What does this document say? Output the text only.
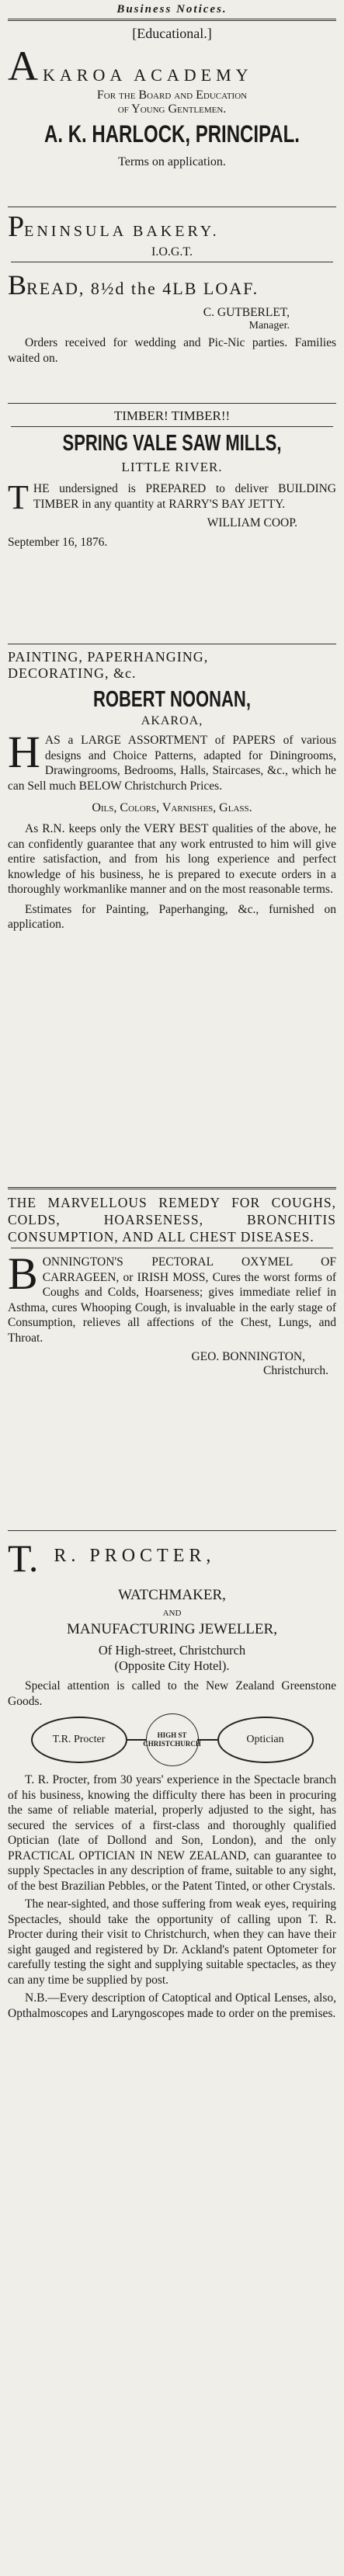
Business Notices.
[Educational.]
AKAROA ACADEMY
For the Board and Education
of Young Gentlemen.
A. K. HARLOCK, PRINCIPAL.
Terms on application.
PENINSULA BAKERY.
I.O.G.T.
BREAD, 8½d the 4LB LOAF.
C. GUTBERLET,
Manager.
Orders received for wedding and Pic-Nic parties. Families waited on.
TIMBER! TIMBER!!
SPRING VALE SAW MILLS,
LITTLE RIVER.
THE undersigned is PREPARED to deliver BUILDING TIMBER in any quantity at RARRY'S BAY JETTY.
WILLIAM COOP.
September 16, 1876.
PAINTING, PAPERHANGING,
DECORATING, &c.
ROBERT NOONAN,
AKAROA,
HAS a LARGE ASSORTMENT of PAPERS of various designs and Choice Patterns, adapted for Diningrooms, Drawingrooms, Bedrooms, Halls, Staircases, &c., which he can Sell much BELOW Christchurch Prices.
Oils, Colors, Varnishes, Glass.
As R.N. keeps only the VERY BEST qualities of the above, he can confidently guarantee that any work entrusted to him will give entire satisfaction, and from his long experience and perfect knowledge of his business, he is prepared to execute orders in a thoroughly workmanlike manner and on the most reasonable terms.
Estimates for Painting, Paperhanging, &c., furnished on application.
THE MARVELLOUS REMEDY FOR COUGHS, COLDS, HOARSENESS, BRONCHITIS CONSUMPTION, AND ALL CHEST DISEASES.
BONNINGTON'S PECTORAL OXYMEL OF CARRAGEEN, or IRISH MOSS, Cures the worst forms of Coughs and Colds, Hoarseness; gives immediate relief in Asthma, cures Whooping Cough, is invaluable in the early stage of Consumption, relieves all affections of the Chest, Lungs, and Throat.
GEO. BONNINGTON,
Christchurch.
T. R. PROCTER,
WATCHMAKER,
AND
MANUFACTURING JEWELLER,
Of High-street, Christchurch
(Opposite City Hotel).
Special attention is called to the New Zealand Greenstone Goods.
T.R. Procter	HIGH ST
CHRISTCHURCH	Optician
T. R. Procter, from 30 years' experience in the Spectacle branch of his business, knowing the difficulty there has been in procuring the same of reliable material, properly adjusted to the sight, has secured the services of a first-class and thoroughly qualified Optician (late of Dollond and Son, London), and the only PRACTICAL OPTICIAN IN NEW ZEALAND, can guarantee to supply Spectacles in any description of frame, suitable to any sight, of the best Brazilian Pebbles, or the Patent Tinted, or other Crystals.
The near-sighted, and those suffering from weak eyes, requiring Spectacles, should take the opportunity of calling upon T. R. Procter during their visit to Christchurch, when they can have their sight gauged and registered by Dr. Ackland's patent Optometer for carefully testing the sight and supplying suitable spectacles, as they can any time be supplied by post.
N.B.—Every description of Catoptical and Optical Lenses, also, Opthalmoscopes and Laryngoscopes made to order on the premises.
